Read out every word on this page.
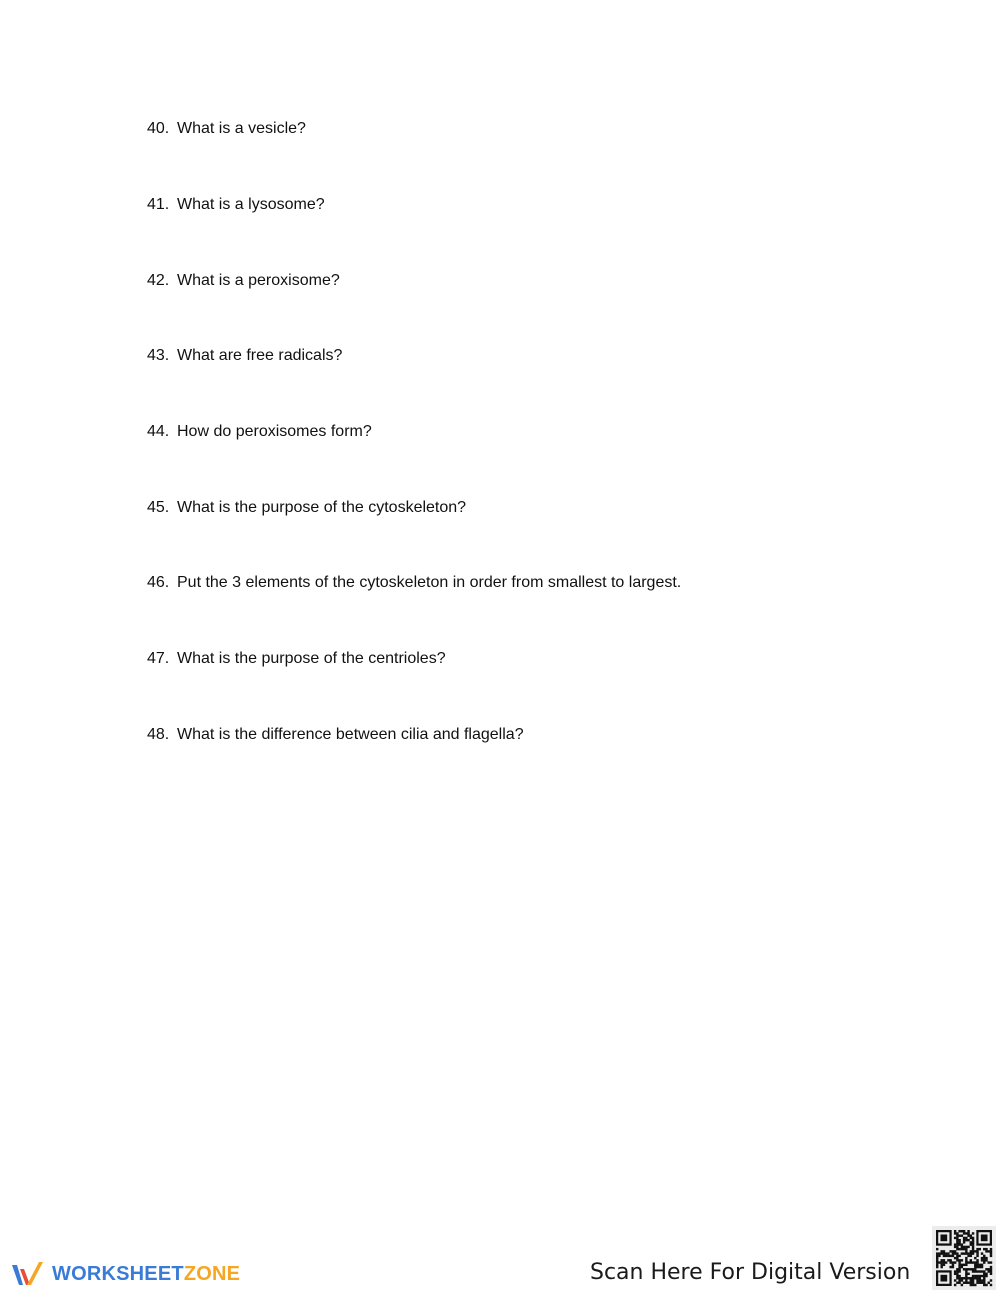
40. What is a vesicle?
41. What is a lysosome?
42. What is a peroxisome?
43. What are free radicals?
44. How do peroxisomes form?
45. What is the purpose of the cytoskeleton?
46. Put the 3 elements of the cytoskeleton in order from smallest to largest.
47. What is the purpose of the centrioles?
48. What is the difference between cilia and flagella?
WORKSHEETZONE	Scan Here For Digital Version
